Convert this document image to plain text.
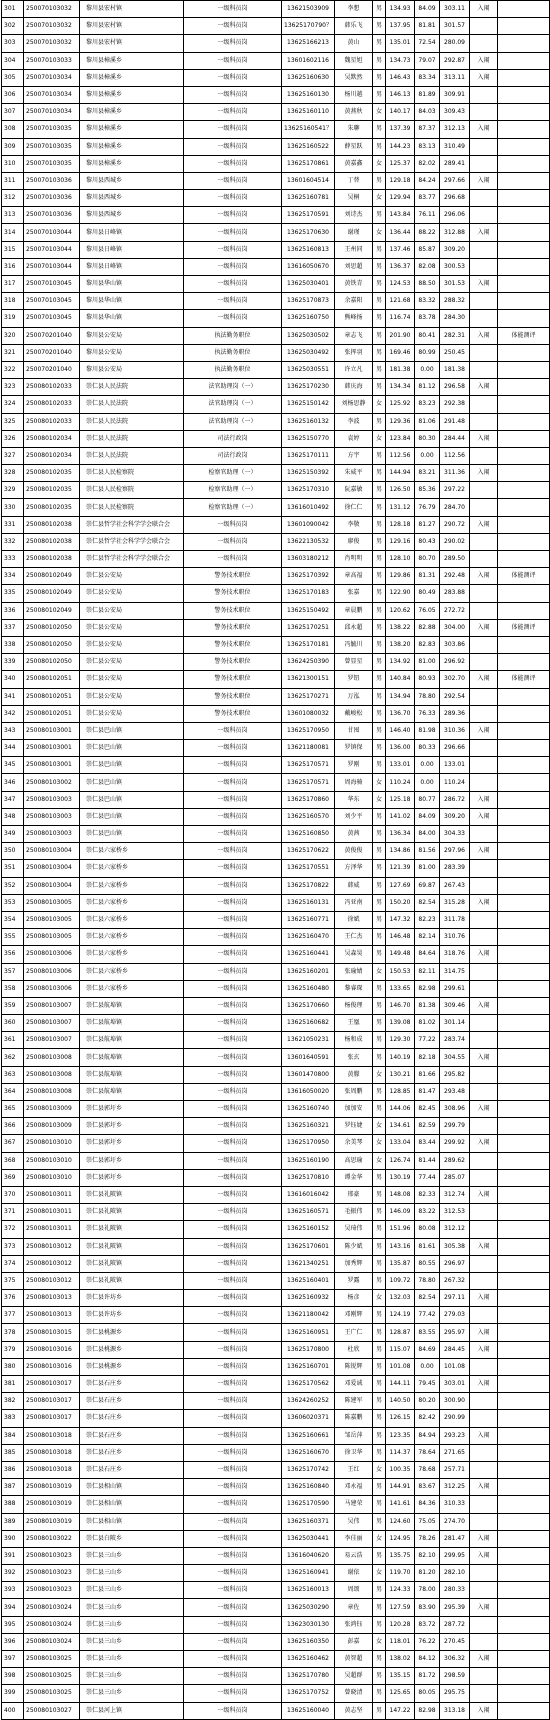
301	250070103032	黎川县宏村镇	一级科员岗	13621503909	李想	男	134.93	84.09	303.11	入闱	
302	250070103032	黎川县宏村镇	一级科员岗	13625170790？	韩乐飞	男	137.95	81.81	301.57		
303	250070103032	黎川县宏村镇	一级科员岗	13625166213	黄山	男	135.01	72.54	280.09		
304	250070103033	黎川县樟溪乡	一级科员岗	13601602116	魏星旭	男	134.73	79.07	292.87	入闱	
305	250070103034	黎川县樟溪乡	一级科员岗	13625160630	吴默然	男	146.43	83.34	313.11	入闱	
306	250070103034	黎川县樟溪乡	一级科员岗	13625160130	杨川越	男	146.13	81.89	309.91		
307	250070103034	黎川县樟溪乡	一级科员岗	13625160110	黄燕秋	女	140.17	84.03	309.43		
308	250070103035	黎川县樟溪乡	一级科员岗	13625160541？	朱聊	男	137.39	87.37	312.13	入闱	
309	250070103035	黎川县樟溪乡	一级科员岗	13625160522	薛星跃	男	144.23	83.13	310.49		
310	250070103035	黎川县樟溪乡	一级科员岗	13625170861	黄嘉鑫	女	125.37	82.02	289.41		
311	250070103036	黎川县西城乡	一级科员岗	13601604514	丁替	男	129.18	84.24	297.66	入闱	
312	250070103036	黎川县西城乡	一级科员岗	13625160781	吴桐	女	129.94	83.77	296.68		
313	250070103036	黎川县西城乡	一级科员岗	13625170591	刘诗杰	男	143.84	76.11	296.06		
314	250070103044	黎川县日峰镇	一级科员岗	13625170630	谢瑾	女	136.44	88.22	312.88	入闱	
315	250070103044	黎川县日峰镇	一级科员岗	13625160813	王州同	男	137.46	85.87	309.20		
316	250070103044	黎川县日峰镇	一级科员岗	13616050670	刘思超	男	136.37	82.08	300.53		
317	250070103045	黎川县华山镇	一级科员岗	13625030401	黄铁青	男	124.53	88.50	301.53	入闱	
318	250070103045	黎川县华山镇	一级科员岗	13625170873	余嘉阳	男	121.68	83.32	288.32		
319	250070103045	黎川县华山镇	一级科员岗	13625160750	熊峰扬	男	116.74	83.78	284.30		
320	250070201040	黎川县公安局	执法勤务职位	13625030502	章志飞	男	201.90	80.41	282.31	入闱	体能测评
321	250070201040	黎川县公安局	执法勤务职位	13625030492	张挥羽	男	169.46	80.99	250.45		
322	250070201040	黎川县公安局	执法勤务职位	13625030551	许立凡	男	181.38	0.00	181.38		
323	250080102033	崇仁县人民法院	法官助理岗（一）	13625170230	韩庆海	男	134.34	81.12	296.58	入闱	
324	250080102033	崇仁县人民法院	法官助理岗（一）	13625150142	刘杨思静	女	125.92	83.23	292.38		
325	250080102033	崇仁县人民法院	法官助理岗（一）	13625160132	李波	男	129.36	81.06	291.48		
326	250080102034	崇仁县人民法院	司法行政岗	13625150770	袁婷	女	123.84	80.30	284.44	入闱	
327	250080102034	崇仁县人民法院	司法行政岗	13625170111	方宇	男	112.56	0.00	112.56		
328	250080102035	崇仁县人民检察院	检察官助理（一）	13625150392	朱威平	男	144.94	83.21	311.36	入闱	
329	250080102035	崇仁县人民检察院	检察官助理（一）	13625170310	阮嘉敏	男	126.50	85.36	297.22		
330	250080102035	崇仁县人民检察院	检察官助理（一）	13616010492	徐仁仁	男	131.12	76.79	284.70		
331	250080102038	崇仁县哲学社会科学学会联合会	一级科员岗	13601090042	李敬	男	128.18	81.27	290.72	入闱	
332	250080102038	崇仁县哲学社会科学学会联合会	一级科员岗	13622130532	廖俊	男	129.16	80.43	290.02		
333	250080102038	崇仁县哲学社会科学学会联合会	一级科员岗	13603180212	肖明明	男	128.10	80.70	289.50		
334	250080102049	崇仁县公安局	警务技术职位	13625170392	章高福	男	129.86	81.31	292.48	入闱	体能测评
335	250080102049	崇仁县公安局	警务技术职位	13625170183	张嘉	男	122.90	80.49	283.88		
336	250080102049	崇仁县公安局	警务技术职位	13625150492	章晨鹏	男	120.62	76.05	272.72		
337	250080102050	崇仁县公安局	警务技术职位	13625170251	邱永超	男	138.22	82.88	304.00	入闱	体能测评
338	250080102050	崇仁县公安局	警务技术职位	13625170181	冯毓川	男	138.20	82.83	303.86		
339	250080102050	崇仁县公安局	警务技术职位	13624250390	曾显星	男	134.92	81.00	296.92		
340	250080102051	崇仁县公安局	警务技术职位	13621300151	罗钮	男	140.84	80.93	302.70	入闱	体能测评
341	250080102051	崇仁县公安局	警务技术职位	13625170271	万泓	男	134.94	78.80	292.54		
342	250080102051	崇仁县公安局	警务技术职位	13601080032	戴峻松	男	136.70	76.33	289.36		
343	250080103001	崇仁县巴山镇	一级科员岗	13625170950	甘囤	男	146.40	81.98	310.36	入闱	
344	250080103001	崇仁县巴山镇	一级科员岗	13621180081	罗镇保	男	136.00	80.33	296.66		
345	250080103001	崇仁县巴山镇	一级科员岗	13625170571	罗刚	男	133.01	0.00	133.01		
346	250080103002	崇仁县巴山镇	一级科员岗	13625170571	周海骑	女	110.24	0.00	110.24		
347	250080103003	崇仁县巴山镇	一级科员岗	13625170860	华东	女	125.18	80.77	286.72	入闱	
348	250080103003	崇仁县巴山镇	一级科员岗	13625160570	刘少平	男	141.02	84.09	309.20	入闱	
349	250080103003	崇仁县巴山镇	一级科员岗	13625160850	黄茜	男	136.34	84.00	304.33		
350	250080103004	崇仁县六家桥乡	一级科员岗	13625170622	黄俊俊	男	134.86	81.56	297.96	入闱	
351	250080103004	崇仁县六家桥乡	一级科员岗	13625170551	方泽华	男	121.39	81.00	283.39		
352	250080103004	崇仁县六家桥乡	一级科员岗	13625170822	韩威	男	127.69	69.87	267.43		
353	250080103005	崇仁县六家桥乡	一级科员岗	13625160131	冯亚南	男	150.20	82.54	315.28	入闱	
354	250080103005	崇仁县六家桥乡	一级科员岗	13625160771	徐斌	男	147.32	82.23	311.78		
355	250080103005	崇仁县六家桥乡	一级科员岗	13625160470	王仁杰	男	146.48	82.14	310.76		
356	250080103006	崇仁县六家桥乡	一级科员岗	13625160441	吴森昊	男	149.48	84.64	318.76	入闱	
357	250080103006	崇仁县六家桥乡	一级科员岗	13625160201	张瑜婧	女	150.53	82.11	314.75		
358	250080103006	崇仁县六家桥乡	一级科员岗	13625160480	黎睿琛	男	133.65	82.98	299.61		
359	250080103007	崇仁县航埠镇	一级科员岗	13625170660	杨俊理	男	146.70	81.38	309.46	入闱	
360	250080103007	崇仁县航埠镇	一级科员岗	13625160682	王凰	男	139.08	81.02	301.14		
361	250080103007	崇仁县航埠镇	一级科员岗	13621050231	杨和成	男	129.30	77.22	283.74		
362	250080103008	崇仁县航埠镇	一级科员岗	13601640591	张玄	男	140.19	82.18	304.55	入闱	
363	250080103008	崇仁县航埠镇	一级科员岗	13601470800	黄朦	女	130.21	81.66	295.82		
364	250080103008	崇仁县航埠镇	一级科员岗	13616050020	张周鹏	男	128.85	81.47	293.48		
365	250080103009	崇仁县郭圩乡	一级科员岗	13625160740	加加安	男	144.06	82.45	308.96	入闱	
366	250080103009	崇仁县郭圩乡	一级科员岗	13625160321	罗钰婕	女	134.61	82.59	299.79		
367	250080103010	崇仁县郭圩乡	一级科员岗	13625170950	余美琴	女	133.04	83.44	299.92	入闱	
368	250080103010	崇仁县郭圩乡	一级科员岗	13625160190	高思瑜	女	126.74	81.44	289.62		
369	250080103010	崇仁县郭圩乡	一级科员岗	13625170810	谭金华	男	130.19	77.44	285.07		
370	250080103011	崇仁县礼陂镇	一级科员岗	13616016042	邢豪	男	148.08	82.33	312.74	入闱	
371	250080103011	崇仁县礼陂镇	一级科员岗	13625160571	毛振伟	男	146.09	83.22	312.53		
372	250080103011	崇仁县礼陂镇	一级科员岗	13625160152	吴琦伟	男	151.96	80.08	312.12		
373	250080103012	崇仁县礼陂镇	一级科员岗	13625170601	陈少斌	男	143.16	81.61	305.38	入闱	
374	250080103012	崇仁县礼陂镇	一级科员岗	13621340251	加秀辉	男	135.87	80.55	296.97		
375	250080103012	崇仁县礼陂镇	一级科员岗	13625160401	罗露	男	109.72	78.80	267.32		
376	250080103013	崇仁县许坊乡	一级科员岗	13625160932	杨彦	女	132.03	82.54	297.11	入闱	
377	250080103013	崇仁县许坊乡	一级科员岗	13621180042	邓刚辉	男	124.19	77.42	279.03		
378	250080103015	崇仁县桃源乡	一级科员岗	13625160951	王广仁	男	128.87	83.55	295.97	入闱	
379	250080103016	崇仁县桃源乡	一级科员岗	13625170800	杜欣	男	115.07	84.69	284.45	入闱	
380	250080103016	崇仁县桃源乡	一级科员岗	13625160701	陈锐辉	男	101.08	0.00	101.08		
381	250080103017	崇仁县石庄乡	一级科员岗	13625170562	邓爱诚	男	144.11	79.45	303.01	入闱	
382	250080103017	崇仁县石庄乡	一级科员岗	13624260252	陈建军	男	140.50	80.20	300.90		
383	250080103017	崇仁县石庄乡	一级科员岗	13606020371	陈嘉鹏	男	126.15	82.42	290.99		
384	250080103018	崇仁县石庄乡	一级科员岗	13625160661	邹岳萍	男	123.35	84.94	293.23	入闱	
385	250080103018	崇仁县石庄乡	一级科员岗	13625160670	徐卫华	男	114.37	78.64	271.65		
386	250080103018	崇仁县石庄乡	一级科员岗	13625170742	王红	女	100.35	78.68	257.71		
387	250080103019	崇仁县相山镇	一级科员岗	13625160840	邓永福	男	144.91	83.67	312.25	入闱	
388	250080103019	崇仁县相山镇	一级科员岗	13625170590	马建荣	男	141.61	84.36	310.33		
389	250080103019	崇仁县相山镇	一级科员岗	13625160371	吴伟	男	124.60	75.05	274.70		
390	250080103022	崇仁县白陂乡	一级科员岗	13625030441	李佳丽	女	124.95	78.26	281.47	入闱	
391	250080103023	崇仁县三山乡	一级科员岗	13616040620	易云浩	男	135.75	82.10	299.95	入闱	
392	250080103023	崇仁县三山乡	一级科员岗	13625160941	谢依	女	119.70	81.20	282.10		
393	250080103023	崇仁县三山乡	一级科员岗	13625160013	周颂	男	124.33	78.00	280.33		
394	250080103024	崇仁县三山乡	一级科员岗	13625030290	章佐	男	127.59	83.90	295.39	入闱	
395	250080103024	崇仁县三山乡	一级科员岗	13623030130	张鸿钰	男	120.28	83.72	287.72		
396	250080103024	崇仁县三山乡	一级科员岗	13625160350	彭嘉	女	118.01	76.22	270.45		
397	250080103025	崇仁县三山乡	一级科员岗	13625160462	黄智超	男	138.02	84.12	306.32	入闱	
398	250080103025	崇仁县三山乡	一级科员岗	13625170780	吴超群	男	135.15	81.72	298.59		
399	250080103025	崇仁县三山乡	一级科员岗	13625170752	曾晓清	男	125.65	80.05	295.75		
400	250080103027	崇仁县河上镇	一级科员岗	13625160040	黄志坚	男	147.22	82.98	313.18	入闱	
